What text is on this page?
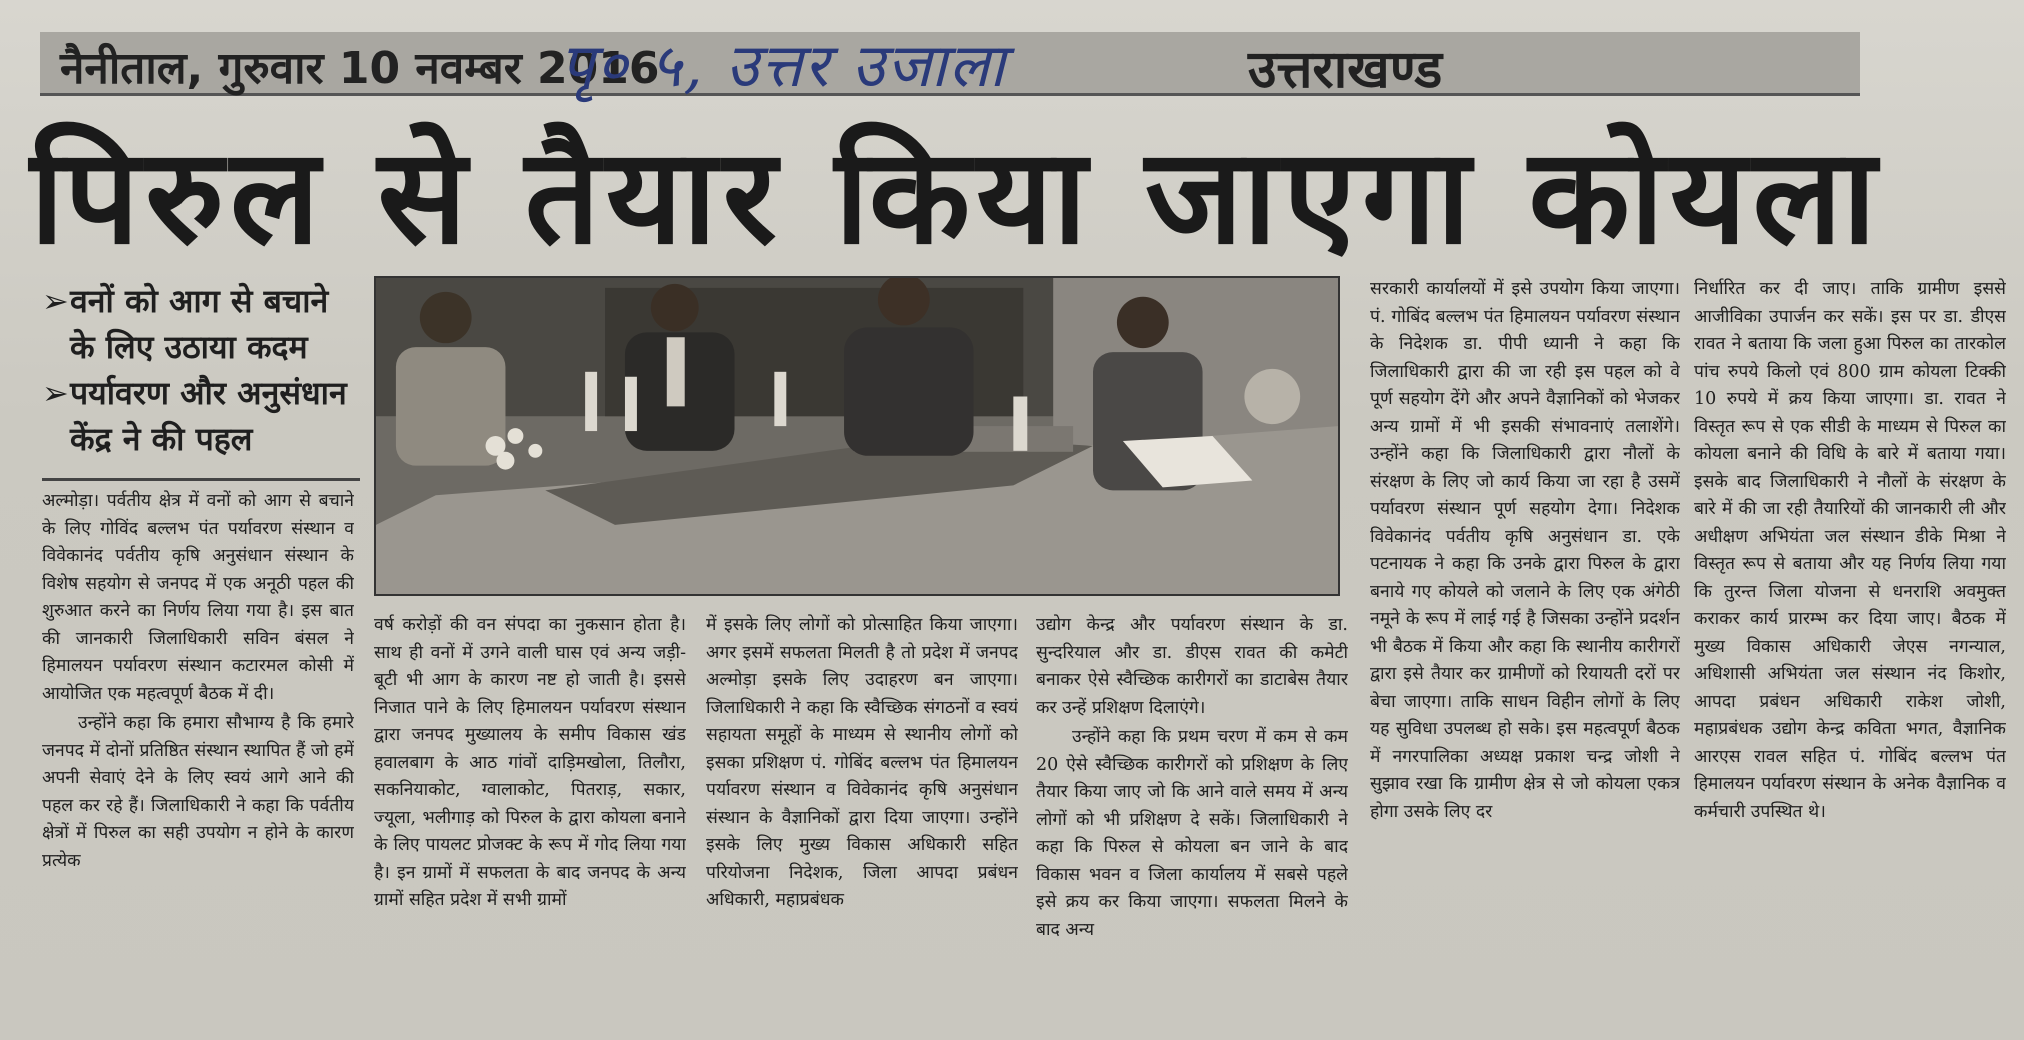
नैनीताल, गुरुवार 10 नवम्बर 2016
पृ० ५, उत्तर उजाला	उत्तराखण्ड
पिरुल से तैयार किया जाएगा कोयला
➢ वनों को आग से बचाने के लिए उठाया कदम
➢ पर्यावरण और अनुसंधान केंद्र ने की पहल

अल्मोड़ा। पर्वतीय क्षेत्र में वनों को आग से बचाने के लिए गोविंद बल्लभ पंत पर्यावरण संस्थान व विवेकानंद पर्वतीय कृषि अनुसंधान संस्थान के विशेष सहयोग से जनपद में एक अनूठी पहल की शुरुआत करने का निर्णय लिया गया है। इस बात की जानकारी जिलाधिकारी सविन बंसल ने हिमालयन पर्यावरण संस्थान कटारमल कोसी में आयोजित एक महत्वपूर्ण बैठक में दी।

उन्होंने कहा कि हमारा सौभाग्य है कि हमारे जनपद में दोनों प्रतिष्ठित संस्थान स्थापित हैं जो हमें अपनी सेवाएं देने के लिए स्वयं आगे आने की पहल कर रहे हैं। जिलाधिकारी ने कहा कि पर्वतीय क्षेत्रों में पिरुल का सही उपयोग न होने के कारण प्रत्येक

वर्ष करोड़ों की वन संपदा का नुकसान होता है। साथ ही वनों में उगने वाली घास एवं अन्य जड़ी-बूटी भी आग के कारण नष्ट हो जाती है। इससे निजात पाने के लिए हिमालयन पर्यावरण संस्थान द्वारा जनपद मुख्यालय के समीप विकास खंड हवालबाग के आठ गांवों दाड़िमखोला, तिलौरा, सकनियाकोट, ग्वालाकोट, पितराड़, सकार, ज्यूला, भलीगाड़ को पिरुल के द्वारा कोयला बनाने के लिए पायलट प्रोजक्ट के रूप में गोद लिया गया है। इन ग्रामों में सफलता के बाद जनपद के अन्य ग्रामों सहित प्रदेश में सभी ग्रामों

में इसके लिए लोगों को प्रोत्साहित किया जाएगा। अगर इसमें सफलता मिलती है तो प्रदेश में जनपद अल्मोड़ा इसके लिए उदाहरण बन जाएगा। जिलाधिकारी ने कहा कि स्वैच्छिक संगठनों व स्वयं सहायता समूहों के माध्यम से स्थानीय लोगों को इसका प्रशिक्षण पं. गोबिंद बल्लभ पंत हिमालयन पर्यावरण संस्थान व विवेकानंद कृषि अनुसंधान संस्थान के वैज्ञानिकों द्वारा दिया जाएगा। उन्होंने इसके लिए मुख्य विकास अधिकारी सहित परियोजना निदेशक, जिला आपदा प्रबंधन अधिकारी, महाप्रबंधक

उद्योग केन्द्र और पर्यावरण संस्थान के डा. सुन्दरियाल और डा. डीएस रावत की कमेटी बनाकर ऐसे स्वैच्छिक कारीगरों का डाटाबेस तैयार कर उन्हें प्रशिक्षण दिलाएंगे।

उन्होंने कहा कि प्रथम चरण में कम से कम 20 ऐसे स्वैच्छिक कारीगरों को प्रशिक्षण के लिए तैयार किया जाए जो कि आने वाले समय में अन्य लोगों को भी प्रशिक्षण दे सकें। जिलाधिकारी ने कहा कि पिरुल से कोयला बन जाने के बाद विकास भवन व जिला कार्यालय में सबसे पहले इसे क्रय कर किया जाएगा। सफलता मिलने के बाद अन्य

सरकारी कार्यालयों में इसे उपयोग किया जाएगा। पं. गोबिंद बल्लभ पंत हिमालयन पर्यावरण संस्थान के निदेशक डा. पीपी ध्यानी ने कहा कि जिलाधिकारी द्वारा की जा रही इस पहल को वे पूर्ण सहयोग देंगे और अपने वैज्ञानिकों को भेजकर अन्य ग्रामों में भी इसकी संभावनाएं तलाशेंगे। उन्होंने कहा कि जिलाधिकारी द्वारा नौलों के संरक्षण के लिए जो कार्य किया जा रहा है उसमें पर्यावरण संस्थान पूर्ण सहयोग देगा। निदेशक विवेकानंद पर्वतीय कृषि अनुसंधान डा. एके पटनायक ने कहा कि उनके द्वारा पिरुल के द्वारा बनाये गए कोयले को जलाने के लिए एक अंगेठी नमूने के रूप में लाई गई है जिसका उन्होंने प्रदर्शन भी बैठक में किया और कहा कि स्थानीय कारीगरों द्वारा इसे तैयार कर ग्रामीणों को रियायती दरों पर बेचा जाएगा। ताकि साधन विहीन लोगों के लिए यह सुविधा उपलब्ध हो सके। इस महत्वपूर्ण बैठक में नगरपालिका अध्यक्ष प्रकाश चन्द्र जोशी ने सुझाव रखा कि ग्रामीण क्षेत्र से जो कोयला एकत्र होगा उसके लिए दर

निर्धारित कर दी जाए। ताकि ग्रामीण इससे आजीविका उपार्जन कर सकें। इस पर डा. डीएस रावत ने बताया कि जला हुआ पिरुल का तारकोल पांच रुपये किलो एवं 800 ग्राम कोयला टिक्की 10 रुपये में क्रय किया जाएगा। डा. रावत ने विस्तृत रूप से एक सीडी के माध्यम से पिरुल का कोयला बनाने की विधि के बारे में बताया गया। इसके बाद जिलाधिकारी ने नौलों के संरक्षण के बारे में की जा रही तैयारियों की जानकारी ली और अधीक्षण अभियंता जल संस्थान डीके मिश्रा ने विस्तृत रूप से बताया और यह निर्णय लिया गया कि तुरन्त जिला योजना से धनराशि अवमुक्त कराकर कार्य प्रारम्भ कर दिया जाए। बैठक में मुख्य विकास अधिकारी जेएस नगन्याल, अधिशासी अभियंता जल संस्थान नंद किशोर, आपदा प्रबंधन अधिकारी राकेश जोशी, महाप्रबंधक उद्योग केन्द्र कविता भगत, वैज्ञानिक आरएस रावल सहित पं. गोबिंद बल्लभ पंत हिमालयन पर्यावरण संस्थान के अनेक वैज्ञानिक व कर्मचारी उपस्थित थे।
